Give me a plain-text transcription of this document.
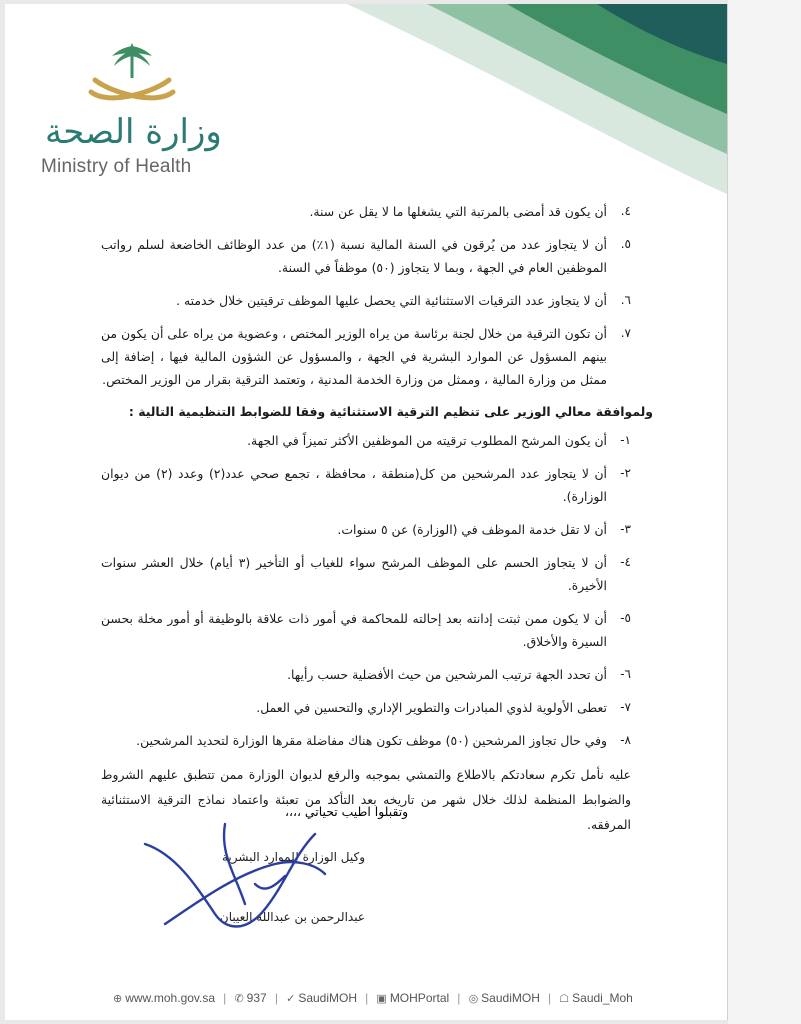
وزارة الصحة
Ministry of Health
٤.
أن يكون قد أمضى بالمرتبة التي يشغلها ما لا يقل عن سنة.
٥.
أن لا يتجاوز عدد من يُرقون في السنة المالية نسبة (١٪) من عدد الوظائف الخاضعة لسلم رواتب الموظفين العام في الجهة ، وبما لا يتجاوز (٥٠) موظفاً في السنة.
٦.
أن لا يتجاوز عدد الترقيات الاستثنائية التي يحصل عليها الموظف ترقيتين خلال خدمته .
٧.
أن تكون الترقية من خلال لجنة برئاسة من يراه الوزير المختص ، وعضوية من يراه على أن يكون من بينهم المسؤول عن الموارد البشرية في الجهة ، والمسؤول عن الشؤون المالية فيها ، إضافة إلى ممثل من وزارة المالية ، وممثل من وزارة الخدمة المدنية ، وتعتمد الترقية بقرار من الوزير المختص.
ولموافقة معالي الوزير على تنظيم الترقية الاستثنائية وفقا للضوابط التنظيمية التالية :
١-
أن يكون المرشح المطلوب ترقيته من الموظفين الأكثر تميزاً في الجهة.
٢-
أن لا يتجاوز عدد المرشحين من كل(منطقة ، محافظة ، تجمع صحي عدد(٢) وعدد (٢) من ديوان الوزارة).
٣-
أن لا تقل خدمة الموظف في (الوزارة) عن ٥ سنوات.
٤-
أن لا يتجاوز الحسم على الموظف المرشح سواء للغياب أو التأخير (٣ أيام) خلال العشر سنوات الأخيرة.
٥-
أن لا يكون ممن ثبتت إدانته بعد إحالته للمحاكمة في أمور ذات علاقة بالوظيفة أو أمور مخلة بحسن السيرة والأخلاق.
٦-
أن تحدد الجهة ترتيب المرشحين من حيث الأفضلية حسب رأيها.
٧-
تعطى الأولوية لذوي المبادرات والتطوير الإداري والتحسين في العمل.
٨-
وفي حال تجاوز المرشحين (٥٠) موظف تكون هناك مفاضلة مقرها الوزارة لتحديد المرشحين.
عليه نأمل تكرم سعادتكم بالاطلاع والتمشي بموجبه والرفع لديوان الوزارة ممن تتطبق عليهم الشروط والضوابط المنظمة لذلك خلال شهر من تاريخه بعد التأكد من تعبئة واعتماد نماذج الترقية الاستثنائية المرفقه.
وتقبلوا اطيب تحياتي ،،،،
وكيل الوزارة للموارد البشرية
عبدالرحمن بن عبدالله العيبان
⊕ www.moh.gov.sa | ✆ 937 | ✓ SaudiMOH | ▣ MOHPortal | ◎ SaudiMOH | ☖ Saudi_Moh
